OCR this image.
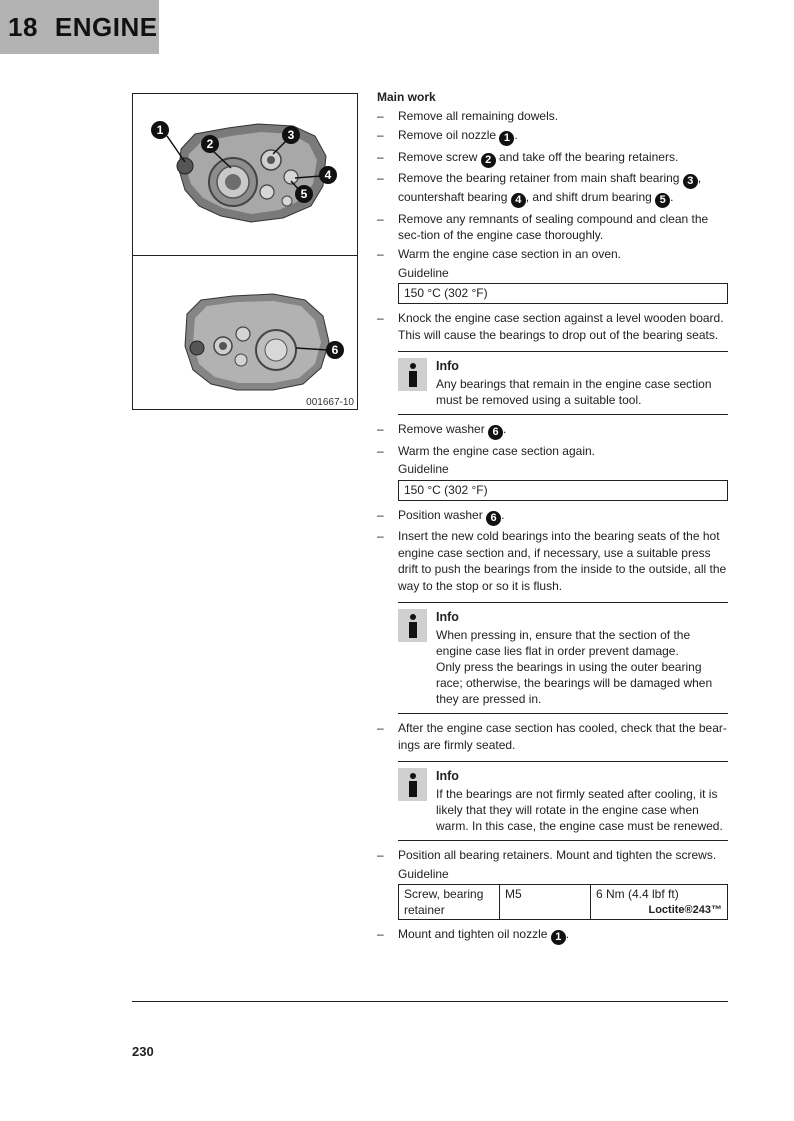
18 ENGINE
1
2
3
4
5
6
001667-10

Main work

– Remove all remaining dowels.

– Remove oil nozzle 1 .

– Remove screw 2 and take off the bearing retainers.

– Remove the bearing retainer from main shaft bearing 3 , countershaft bearing 4 , and shift drum bearing 5 .

– Remove any remnants of sealing compound and clean the sec-tion of the engine case thoroughly.

– Warm the engine case section in an oven.

Guideline
150 °C (302 °F)

– Knock the engine case section against a level wooden board. This will cause the bearings to drop out of the bearing seats.

Info
Any bearings that remain in the engine case section must be removed using a suitable tool.

– Remove washer 6 .

– Warm the engine case section again.

Guideline
150 °C (302 °F)

– Position washer 6 .

– Insert the new cold bearings into the bearing seats of the hot engine case section and, if necessary, use a suitable press drift to push the bearings from the inside to the outside, all the way to the stop or so it is flush.

Info
When pressing in, ensure that the section of the engine case lies flat in order prevent damage.
Only press the bearings in using the outer bearing race; otherwise, the bearings will be damaged when they are pressed in.

– After the engine case section has cooled, check that the bear-ings are firmly seated.

Info
If the bearings are not firmly seated after cooling, it is likely that they will rotate in the engine case when warm. In this case, the engine case must be renewed.

– Position all bearing retainers. Mount and tighten the screws.

Guideline
Screw, bearing retainer	M5	6 Nm (4.4 lbf ft)
Loctite®243™

– Mount and tighten oil nozzle 1 .

230
